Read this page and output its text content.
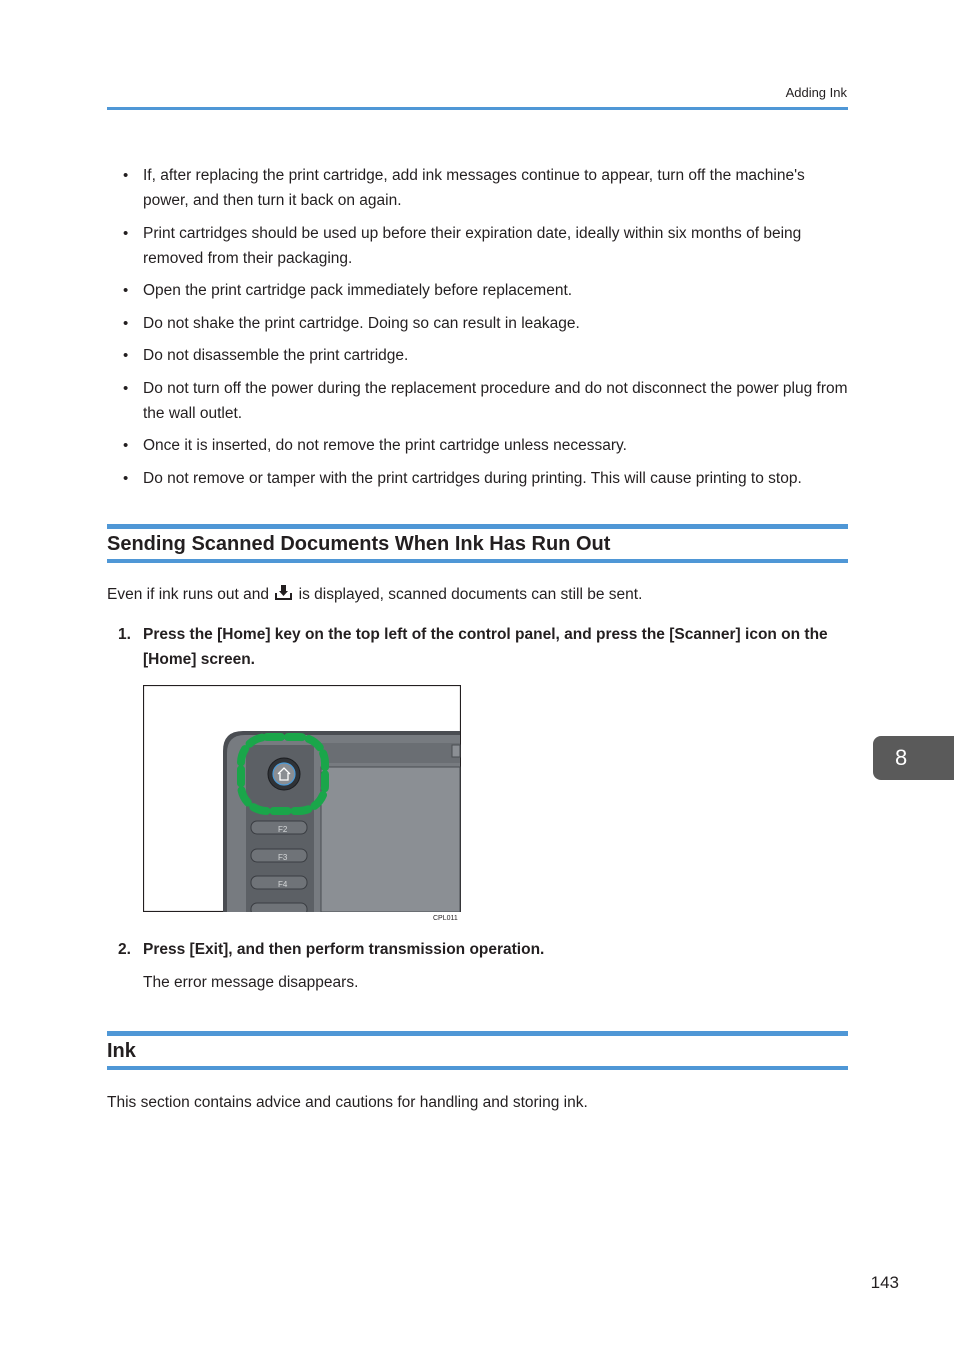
Adding Ink
• If, after replacing the print cartridge, add ink messages continue to appear, turn off the machine's power, and then turn it back on again.
• Print cartridges should be used up before their expiration date, ideally within six months of being removed from their packaging.
• Open the print cartridge pack immediately before replacement.
• Do not shake the print cartridge. Doing so can result in leakage.
• Do not disassemble the print cartridge.
• Do not turn off the power during the replacement procedure and do not disconnect the power plug from the wall outlet.
• Once it is inserted, do not remove the print cartridge unless necessary.
• Do not remove or tamper with the print cartridges during printing. This will cause printing to stop.
Sending Scanned Documents When Ink Has Run Out
Even if ink runs out and is displayed, scanned documents can still be sent.
1. Press the [Home] key on the top left of the control panel, and press the [Scanner] icon on the [Home] screen.
F2
F3
F4
CPL011
2. Press [Exit], and then perform transmission operation.
The error message disappears.
Ink
This section contains advice and cautions for handling and storing ink.
8
143
